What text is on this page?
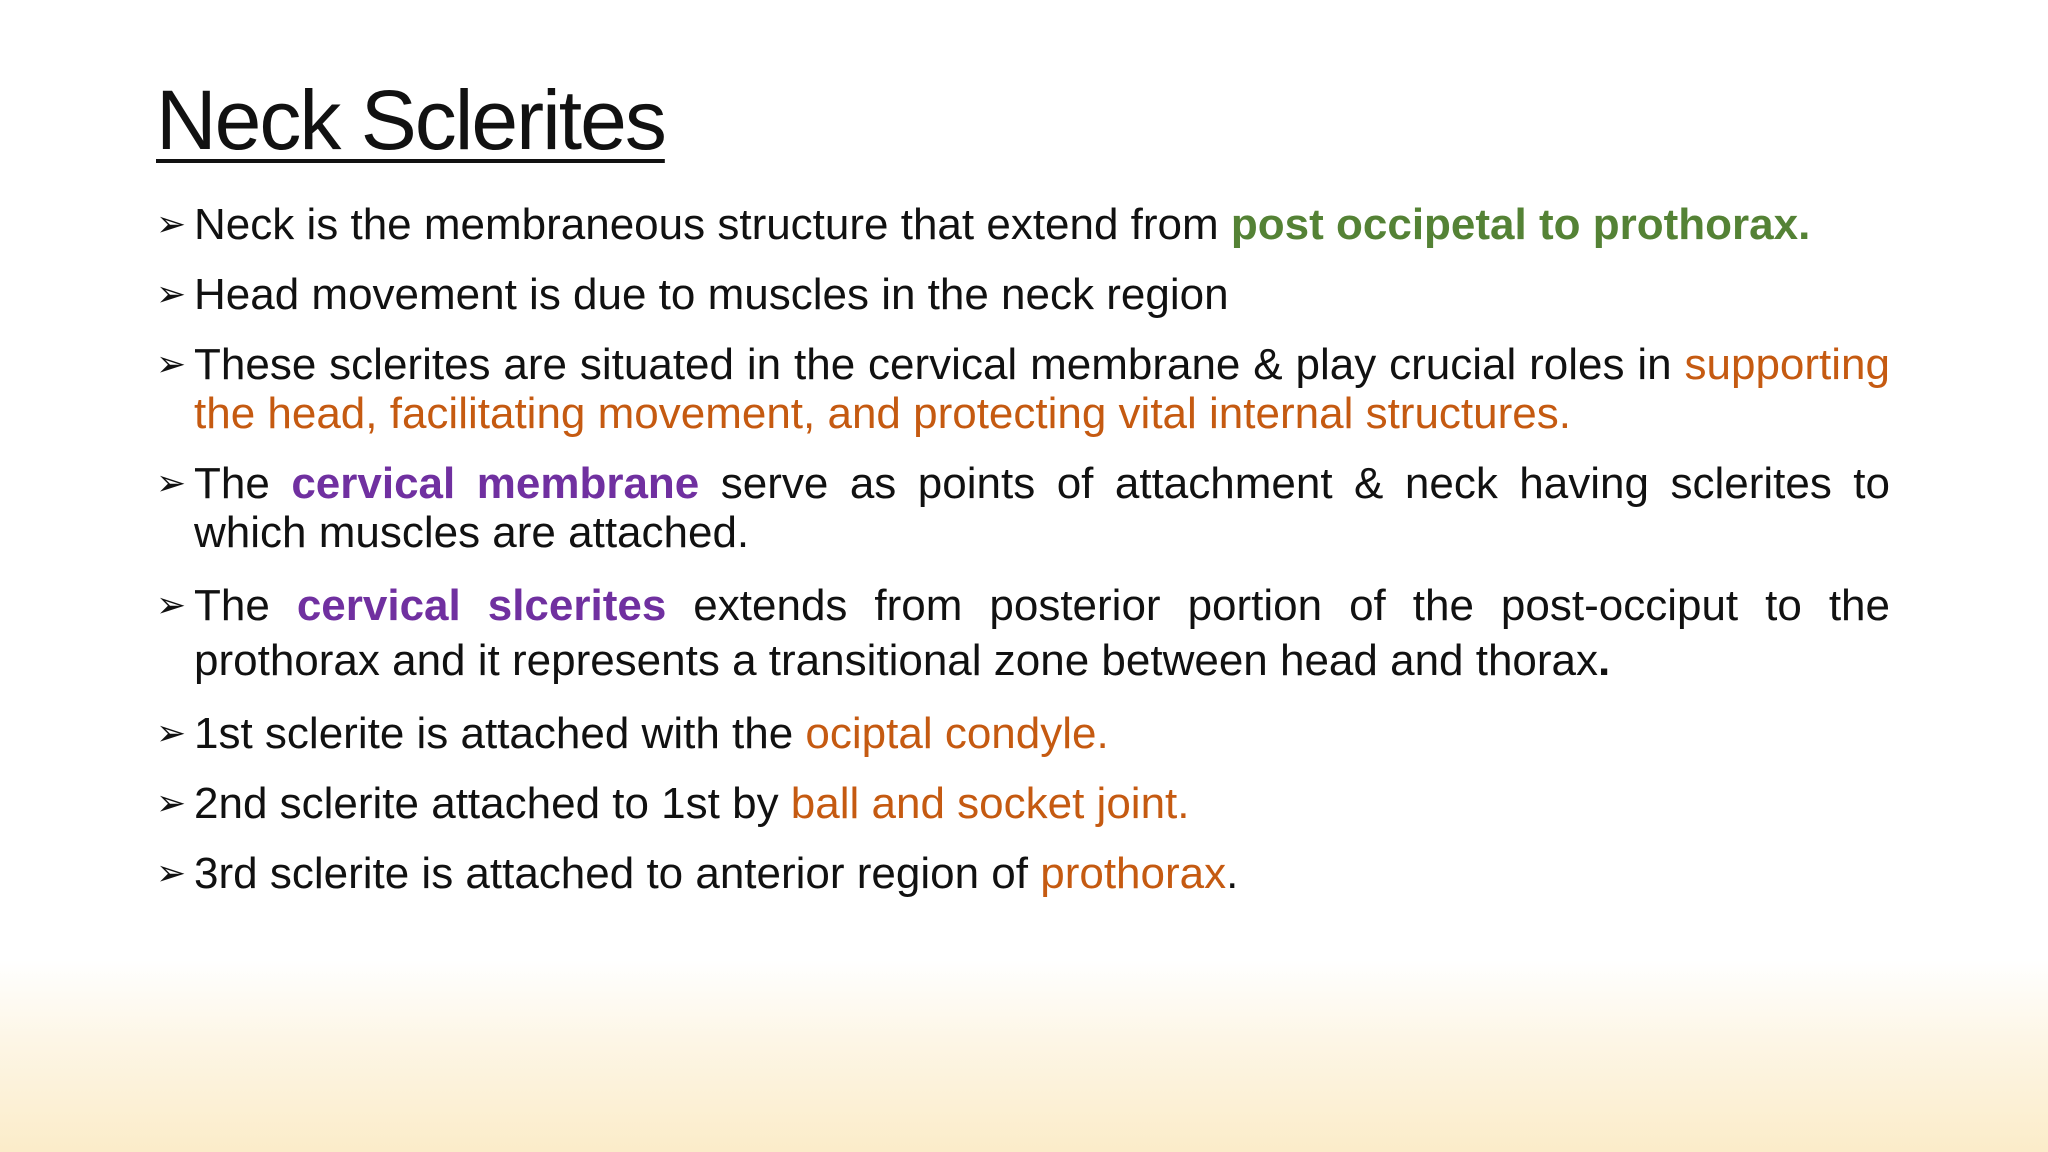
Neck Sclerites
➢ Neck is the membraneous structure that extend from post occipetal to prothorax.
➢ Head movement is due to muscles in the neck region
➢ These sclerites are situated in the cervical membrane & play crucial roles in supporting the head, facilitating movement, and protecting vital internal structures.
➢ The cervical membrane serve as points of attachment & neck having sclerites to which muscles are attached.
➢ The cervical slcerites extends from posterior portion of the post-occiput to the prothorax and it represents a transitional zone between head and thorax.
➢ 1st sclerite is attached with the ociptal condyle.
➢ 2nd sclerite attached to 1st by ball and socket joint.
➢ 3rd sclerite is attached to anterior region of prothorax.
